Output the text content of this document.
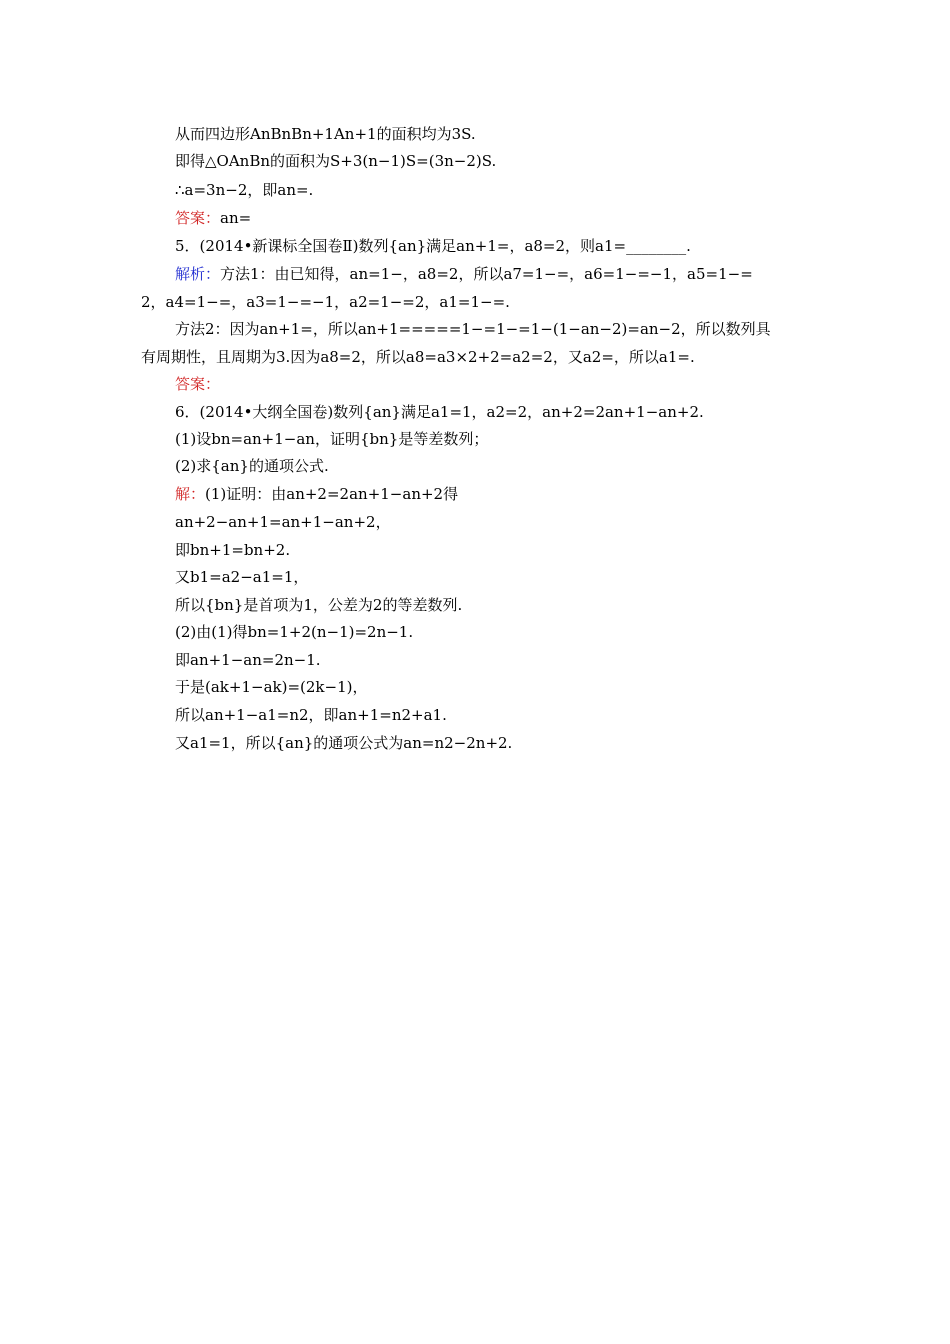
从而四边形AnBnBn+1An+1的面积均为3S.
即得△OAnBn的面积为S+3(n−1)S=(3n−2)S.
∴a=3n−2，即an=.
答案：an=
5．(2014•新课标全国卷Ⅱ)数列{an}满足an+1=，a8=2，则a1=________.
解析：方法1：由已知得，an=1−，a8=2，所以a7=1−=，a6=1−=−1，a5=1−=
2，a4=1−=，a3=1−=−1，a2=1−=2，a1=1−=.
方法2：因为an+1=，所以an+1=====1−=1−=1−(1−an−2)=an−2，所以数列具
有周期性，且周期为3.因为a8=2，所以a8=a3×2+2=a2=2，又a2=，所以a1=.
答案：
6．(2014•大纲全国卷)数列{an}满足a1=1，a2=2，an+2=2an+1−an+2.
(1)设bn=an+1−an，证明{bn}是等差数列；
(2)求{an}的通项公式.
解：(1)证明：由an+2=2an+1−an+2得
an+2−an+1=an+1−an+2，
即bn+1=bn+2.
又b1=a2−a1=1，
所以{bn}是首项为1，公差为2的等差数列.
(2)由(1)得bn=1+2(n−1)=2n−1.
即an+1−an=2n−1.
于是(ak+1−ak)=(2k−1)，
所以an+1−a1=n2，即an+1=n2+a1.
又a1=1，所以{an}的通项公式为an=n2−2n+2.
